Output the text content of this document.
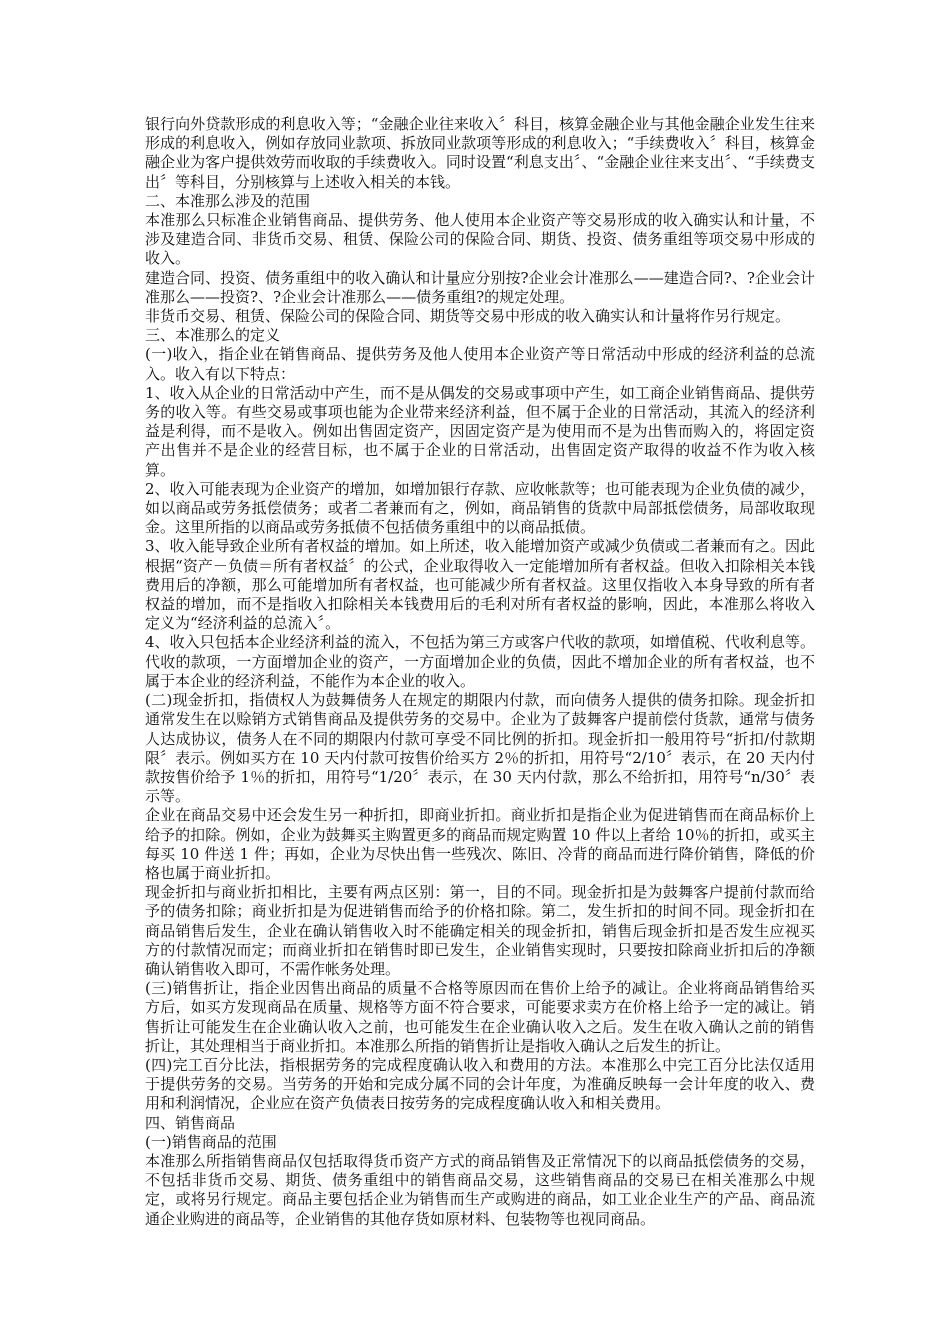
银行向外贷款形成的利息收入等；“金融企业往来收入〞科目，核算金融企业与其他金融企业发生往来形成的利息收入，例如存放同业款项、拆放同业款项等形成的利息收入；“手续费收入〞科目，核算金融企业为客户提供效劳而收取的手续费收入。同时设置“利息支出〞、“金融企业往来支出〞、“手续费支出〞等科目，分别核算与上述收入相关的本钱。

二、本准那么涉及的范围

本准那么只标准企业销售商品、提供劳务、他人使用本企业资产等交易形成的收入确实认和计量，不涉及建造合同、非货币交易、租赁、保险公司的保险合同、期货、投资、债务重组等项交易中形成的收入。

建造合同、投资、债务重组中的收入确认和计量应分别按?企业会计准那么——建造合同?、?企业会计准那么——投资?、?企业会计准那么——债务重组?的规定处理。

非货币交易、租赁、保险公司的保险合同、期货等交易中形成的收入确实认和计量将作另行规定。

三、本准那么的定义

(一)收入，指企业在销售商品、提供劳务及他人使用本企业资产等日常活动中形成的经济利益的总流入。收入有以下特点：

1、收入从企业的日常活动中产生，而不是从偶发的交易或事项中产生，如工商企业销售商品、提供劳务的收入等。有些交易或事项也能为企业带来经济利益，但不属于企业的日常活动，其流入的经济利益是利得，而不是收入。例如出售固定资产，因固定资产是为使用而不是为出售而购入的，将固定资产出售并不是企业的经营目标，也不属于企业的日常活动，出售固定资产取得的收益不作为收入核算。

2、收入可能表现为企业资产的增加，如增加银行存款、应收帐款等；也可能表现为企业负债的减少，如以商品或劳务抵偿债务；或者二者兼而有之，例如，商品销售的货款中局部抵偿债务，局部收取现金。这里所指的以商品或劳务抵债不包括债务重组中的以商品抵债。

3、收入能导致企业所有者权益的增加。如上所述，收入能增加资产或减少负债或二者兼而有之。因此根据“资产－负债＝所有者权益〞的公式，企业取得收入一定能增加所有者权益。但收入扣除相关本钱费用后的净额，那么可能增加所有者权益，也可能减少所有者权益。这里仅指收入本身导致的所有者权益的增加，而不是指收入扣除相关本钱费用后的毛利对所有者权益的影响，因此，本准那么将收入定义为“经济利益的总流入〞。

4、收入只包括本企业经济利益的流入，不包括为第三方或客户代收的款项，如增值税、代收利息等。代收的款项，一方面增加企业的资产，一方面增加企业的负债，因此不增加企业的所有者权益，也不属于本企业的经济利益，不能作为本企业的收入。

(二)现金折扣，指债权人为鼓舞债务人在规定的期限内付款，而向债务人提供的债务扣除。现金折扣通常发生在以赊销方式销售商品及提供劳务的交易中。企业为了鼓舞客户提前偿付货款，通常与债务人达成协议，债务人在不同的期限内付款可享受不同比例的折扣。现金折扣一般用符号“折扣/付款期限〞表示。例如买方在 10 天内付款可按售价给买方 2％的折扣，用符号“2/10〞表示，在 20 天内付款按售价给予 1％的折扣，用符号“1/20〞表示，在 30 天内付款，那么不给折扣，用符号“n/30〞表示等。

企业在商品交易中还会发生另一种折扣，即商业折扣。商业折扣是指企业为促进销售而在商品标价上给予的扣除。例如，企业为鼓舞买主购置更多的商品而规定购置 10 件以上者给 10％的折扣，或买主每买 10 件送 1 件；再如，企业为尽快出售一些残次、陈旧、冷背的商品而进行降价销售，降低的价格也属于商业折扣。

现金折扣与商业折扣相比，主要有两点区别：第一，目的不同。现金折扣是为鼓舞客户提前付款而给予的债务扣除；商业折扣是为促进销售而给予的价格扣除。第二，发生折扣的时间不同。现金折扣在商品销售后发生，企业在确认销售收入时不能确定相关的现金折扣，销售后现金折扣是否发生应视买方的付款情况而定；而商业折扣在销售时即已发生，企业销售实现时，只要按扣除商业折扣后的净额确认销售收入即可，不需作帐务处理。

(三)销售折让，指企业因售出商品的质量不合格等原因而在售价上给予的减让。企业将商品销售给买方后，如买方发现商品在质量、规格等方面不符合要求，可能要求卖方在价格上给予一定的减让。销售折让可能发生在企业确认收入之前，也可能发生在企业确认收入之后。发生在收入确认之前的销售折让，其处理相当于商业折扣。本准那么所指的销售折让是指收入确认之后发生的折让。

(四)完工百分比法，指根据劳务的完成程度确认收入和费用的方法。本准那么中完工百分比法仅适用于提供劳务的交易。当劳务的开始和完成分属不同的会计年度，为准确反映每一会计年度的收入、费用和利润情况，企业应在资产负债表日按劳务的完成程度确认收入和相关费用。

四、销售商品

(一)销售商品的范围

本准那么所指销售商品仅包括取得货币资产方式的商品销售及正常情况下的以商品抵偿债务的交易，不包括非货币交易、期货、债务重组中的销售商品交易，这些销售商品的交易已在相关准那么中规定，或将另行规定。商品主要包括企业为销售而生产或购进的商品，如工业企业生产的产品、商品流通企业购进的商品等，企业销售的其他存货如原材料、包装物等也视同商品。
